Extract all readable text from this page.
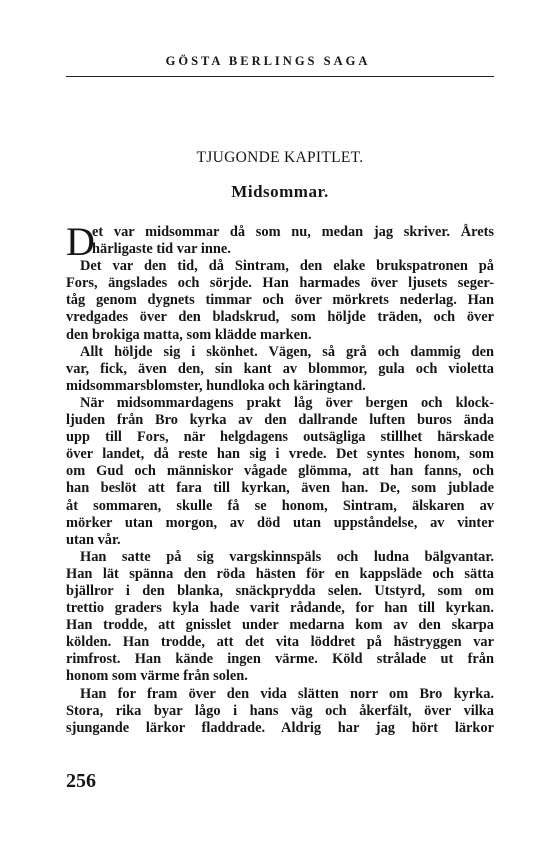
GÖSTA BERLINGS SAGA
TJUGONDE KAPITLET.
Midsommar.
D
et var midsommar då som nu, medan jag skriver. Årets
härligaste tid var inne.
Det var den tid, då Sintram, den elake brukspatronen på
Fors, ängslades och sörjde. Han harmades över ljusets seger-
tåg genom dygnets timmar och över mörkrets nederlag. Han
vredgades över den bladskrud, som höljde träden, och över
den brokiga matta, som klädde marken.
Allt höljde sig i skönhet. Vägen, så grå och dammig den
var, fick, även den, sin kant av blommor, gula och violetta
midsommarsblomster, hundloka och käringtand.
När midsommardagens prakt låg över bergen och klock-
ljuden från Bro kyrka av den dallrande luften buros ända
upp till Fors, när helgdagens outsägliga stillhet härskade
över landet, då reste han sig i vrede. Det syntes honom, som
om Gud och människor vågade glömma, att han fanns, och
han beslöt att fara till kyrkan, även han. De, som jublade
åt sommaren, skulle få se honom, Sintram, älskaren av
mörker utan morgon, av död utan uppståndelse, av vinter
utan vår.
Han satte på sig vargskinnspäls och ludna bälgvantar.
Han lät spänna den röda hästen för en kappsläde och sätta
bjällror i den blanka, snäckprydda selen. Utstyrd, som om
trettio graders kyla hade varit rådande, for han till kyrkan.
Han trodde, att gnisslet under medarna kom av den skarpa
kölden. Han trodde, att det vita löddret på hästryggen var
rimfrost. Han kände ingen värme. Köld strålade ut från
honom som värme från solen.
Han for fram över den vida slätten norr om Bro kyrka.
Stora, rika byar lågo i hans väg och åkerfält, över vilka
sjungande lärkor fladdrade. Aldrig har jag hört lärkor
256
